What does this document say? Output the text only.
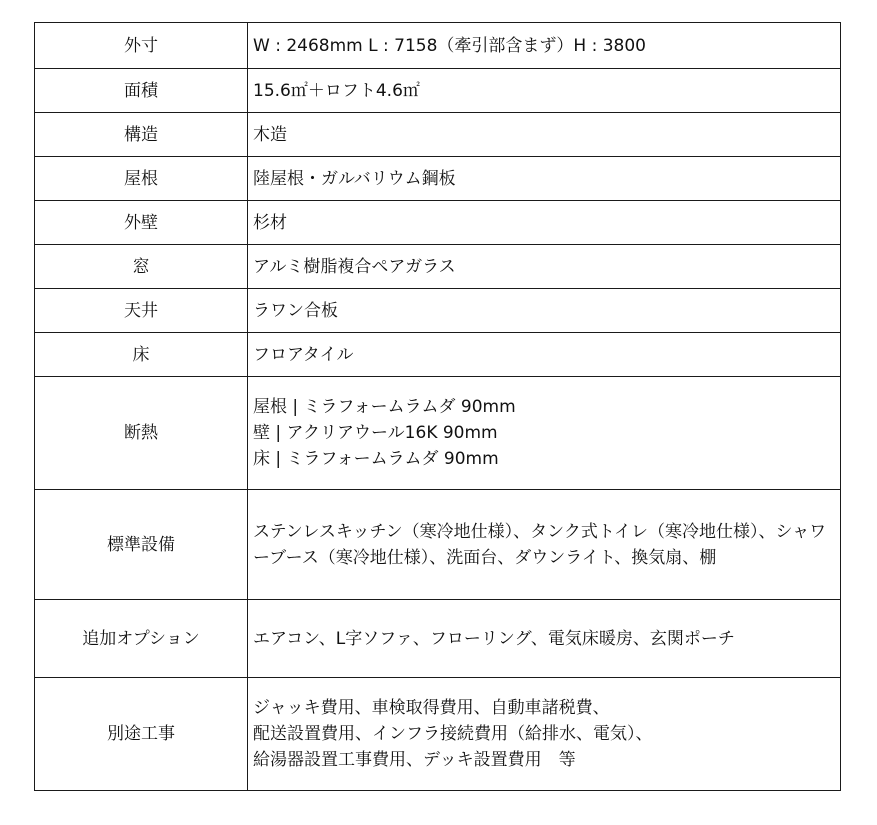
外寸	W : 2468mm L : 7158（牽引部含まず）H : 3800

面積	15.6㎡＋ロフト4.6㎡

構造	木造

屋根	陸屋根・ガルバリウム鋼板

外壁	杉材

窓	アルミ樹脂複合ペアガラス

天井	ラワン合板

床	フロアタイル

断熱	屋根 | ミラフォームラムダ 90mm
壁 | アクリアウール16K 90mm
床 | ミラフォームラムダ 90mm

標準設備	ステンレスキッチン（寒冷地仕様）、タンク式トイレ（寒冷地仕様）、シャワーブース（寒冷地仕様）、洗面台、ダウンライト、換気扇、棚

追加オプション	エアコン、L字ソファ、フローリング、電気床暖房、玄関ポーチ

別途工事	ジャッキ費用、車検取得費用、自動車諸税費、
配送設置費用、インフラ接続費用（給排水、電気）、
給湯器設置工事費用、デッキ設置費用　等
